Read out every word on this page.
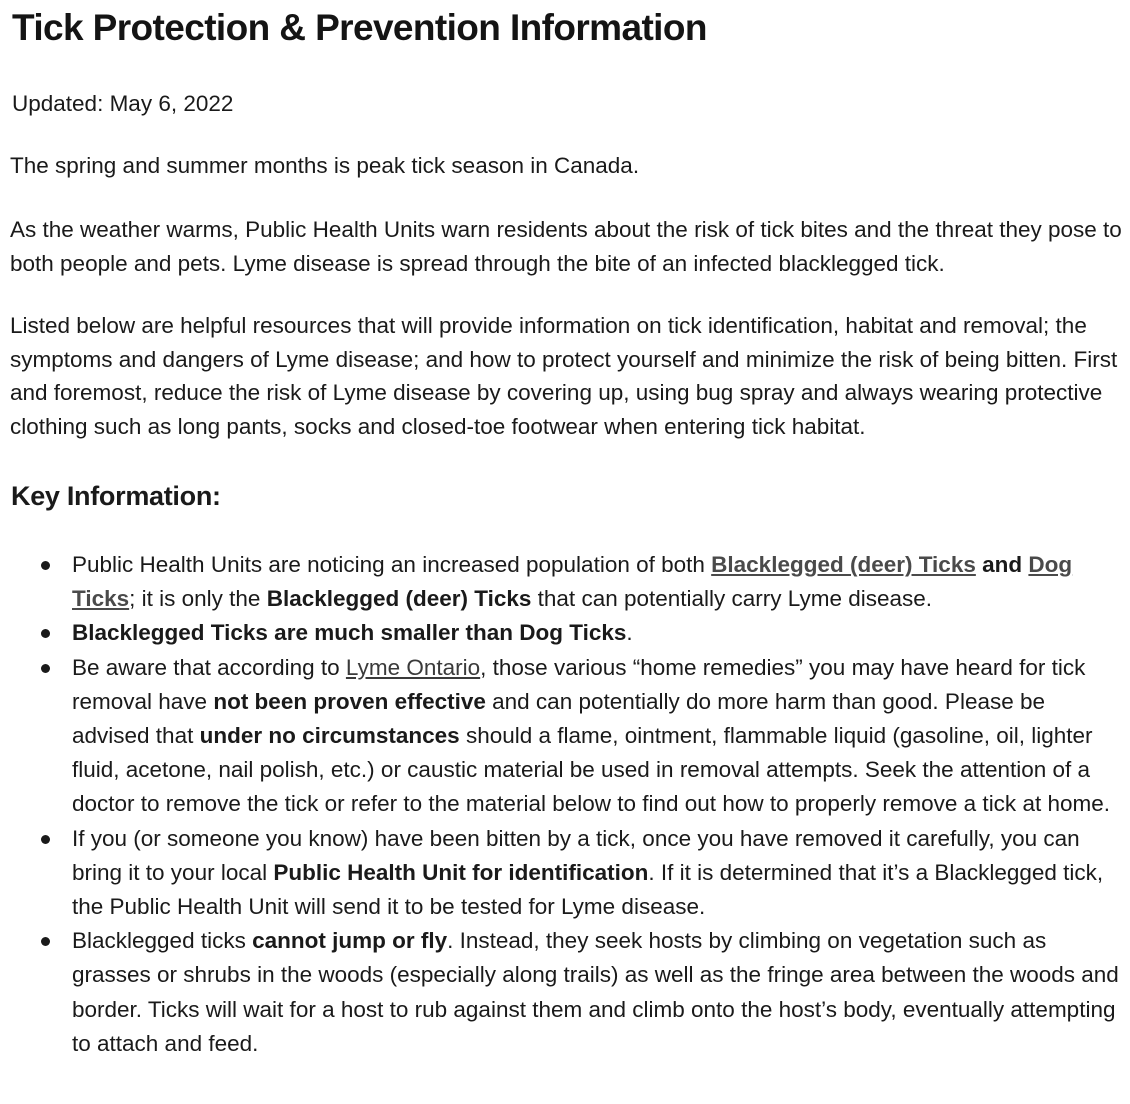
Tick Protection & Prevention Information

Updated: May 6, 2022

The spring and summer months is peak tick season in Canada.

As the weather warms, Public Health Units warn residents about the risk of tick bites and the threat they pose to both people and pets. Lyme disease is spread through the bite of an infected blacklegged tick.

Listed below are helpful resources that will provide information on tick identification, habitat and removal; the symptoms and dangers of Lyme disease; and how to protect yourself and minimize the risk of being bitten. First and foremost, reduce the risk of Lyme disease by covering up, using bug spray and always wearing protective clothing such as long pants, socks and closed-toe footwear when entering tick habitat.

Key Information:
Public Health Units are noticing an increased population of both Blacklegged (deer) Ticks and Dog Ticks; it is only the Blacklegged (deer) Ticks that can potentially carry Lyme disease.
Blacklegged Ticks are much smaller than Dog Ticks.
Be aware that according to Lyme Ontario, those various “home remedies” you may have heard for tick removal have not been proven effective and can potentially do more harm than good. Please be advised that under no circumstances should a flame, ointment, flammable liquid (gasoline, oil, lighter fluid, acetone, nail polish, etc.) or caustic material be used in removal attempts. Seek the attention of a doctor to remove the tick or refer to the material below to find out how to properly remove a tick at home.
If you (or someone you know) have been bitten by a tick, once you have removed it carefully, you can bring it to your local Public Health Unit for identification. If it is determined that it’s a Blacklegged tick, the Public Health Unit will send it to be tested for Lyme disease.
Blacklegged ticks cannot jump or fly. Instead, they seek hosts by climbing on vegetation such as grasses or shrubs in the woods (especially along trails) as well as the fringe area between the woods and border. Ticks will wait for a host to rub against them and climb onto the host’s body, eventually attempting to attach and feed.
